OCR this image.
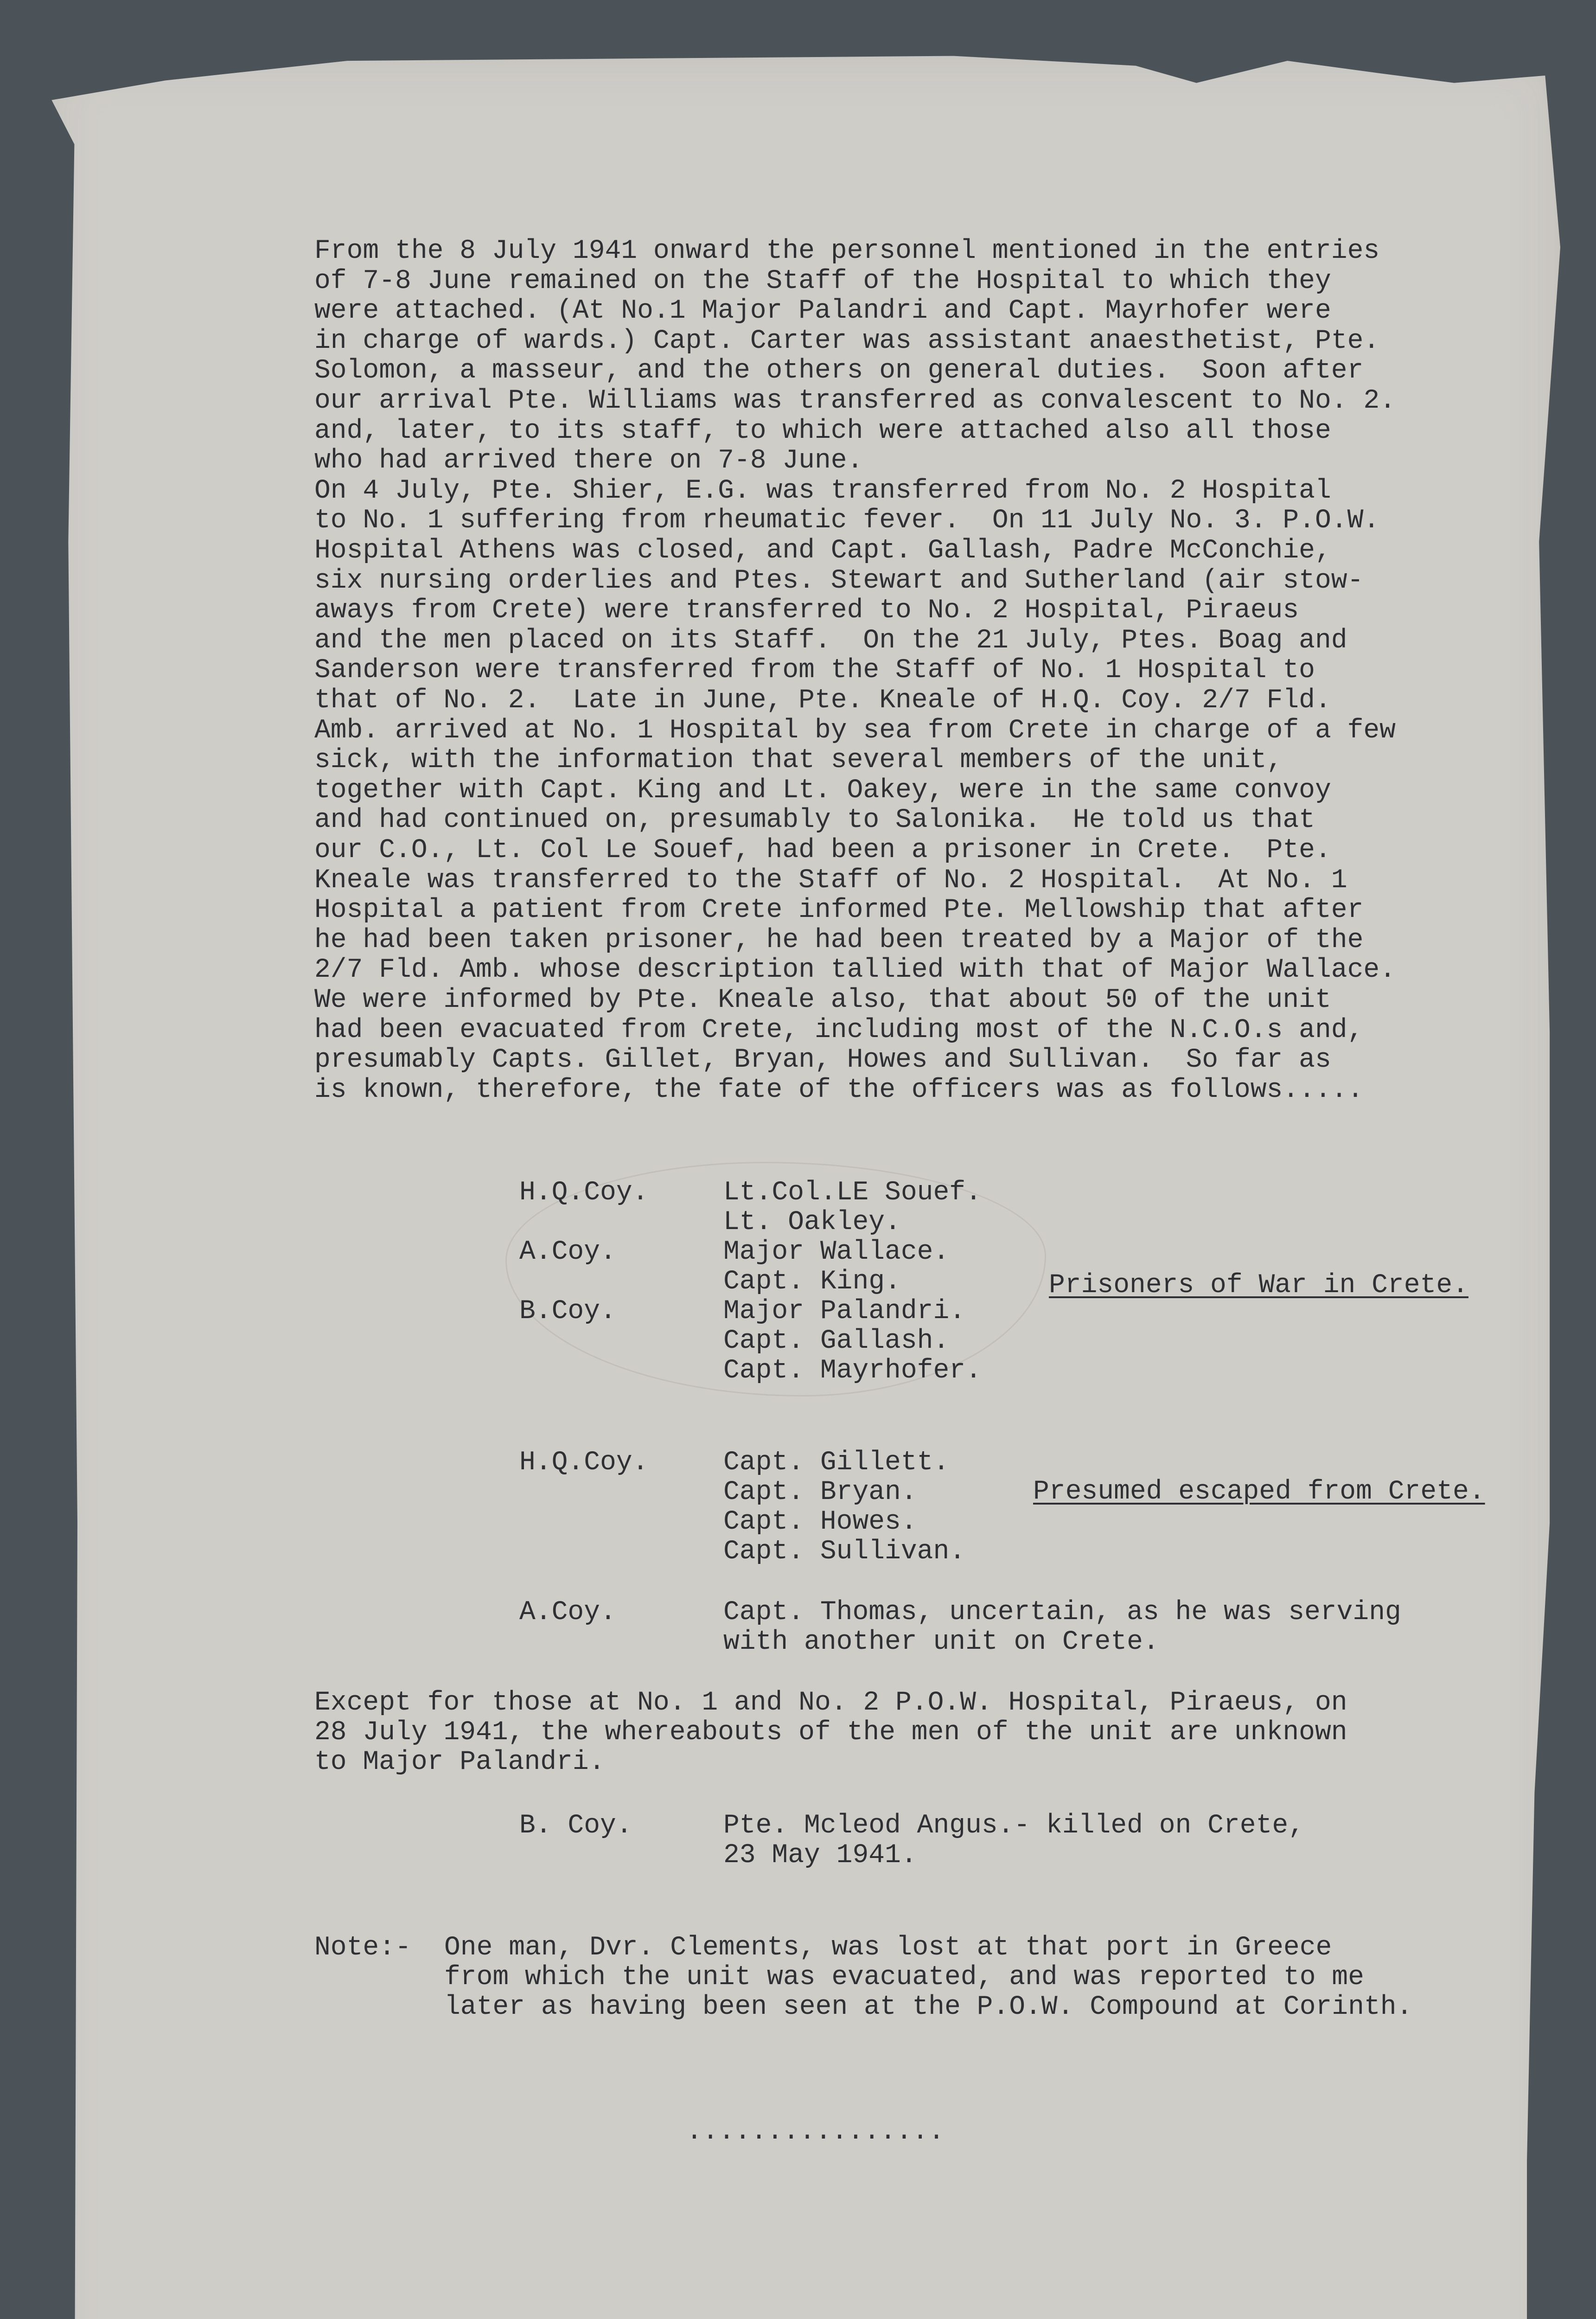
From the 8 July 1941 onward the personnel mentioned in the entries

of 7-8 June remained on the Staff of the Hospital to which they

were attached. (At No.1 Major Palandri and Capt. Mayrhofer were

in charge of wards.) Capt. Carter was assistant anaesthetist, Pte.

Solomon, a masseur, and the others on general duties.  Soon after

our arrival Pte. Williams was transferred as convalescent to No. 2.

and, later, to its staff, to which were attached also all those

who had arrived there on 7-8 June.

On 4 July, Pte. Shier, E.G. was transferred from No. 2 Hospital

to No. 1 suffering from rheumatic fever.  On 11 July No. 3. P.O.W.

Hospital Athens was closed, and Capt. Gallash, Padre McConchie,

six nursing orderlies and Ptes. Stewart and Sutherland (air stow-

aways from Crete) were transferred to No. 2 Hospital, Piraeus

and the men placed on its Staff.  On the 21 July, Ptes. Boag and

Sanderson were transferred from the Staff of No. 1 Hospital to

that of No. 2.  Late in June, Pte. Kneale of H.Q. Coy. 2/7 Fld.

Amb. arrived at No. 1 Hospital by sea from Crete in charge of a few

sick, with the information that several members of the unit,

together with Capt. King and Lt. Oakey, were in the same convoy

and had continued on, presumably to Salonika.  He told us that

our C.O., Lt. Col Le Souef, had been a prisoner in Crete.  Pte.

Kneale was transferred to the Staff of No. 2 Hospital.  At No. 1

Hospital a patient from Crete informed Pte. Mellowship that after

he had been taken prisoner, he had been treated by a Major of the

2/7 Fld. Amb. whose description tallied with that of Major Wallace.

We were informed by Pte. Kneale also, that about 50 of the unit

had been evacuated from Crete, including most of the N.C.O.s and,

presumably Capts. Gillet, Bryan, Howes and Sullivan.  So far as

is known, therefore, the fate of the officers was as follows.....

H.Q.Coy.	Lt.Col.LE Souef.

Lt. Oakley.

A.Coy.	Major Wallace.

Capt. King.

B.Coy.	Major Palandri.

Capt. Gallash.

Capt. Mayrhofer.

Prisoners of War in Crete.

H.Q.Coy.	Capt. Gillett.

Capt. Bryan.

Capt. Howes.

Capt. Sullivan.

Presumed escaped from Crete.

A.Coy.	Capt. Thomas, uncertain, as he was serving

with another unit on Crete.

Except for those at No. 1 and No. 2 P.O.W. Hospital, Piraeus, on

28 July 1941, the whereabouts of the men of the unit are unknown

to Major Palandri.

B. Coy.	Pte. Mcleod Angus.- killed on Crete,

23 May 1941.

Note:- One man, Dvr. Clements, was lost at that port in Greece

from which the unit was evacuated, and was reported to me

later as having been seen at the P.O.W. Compound at Corinth.

................
